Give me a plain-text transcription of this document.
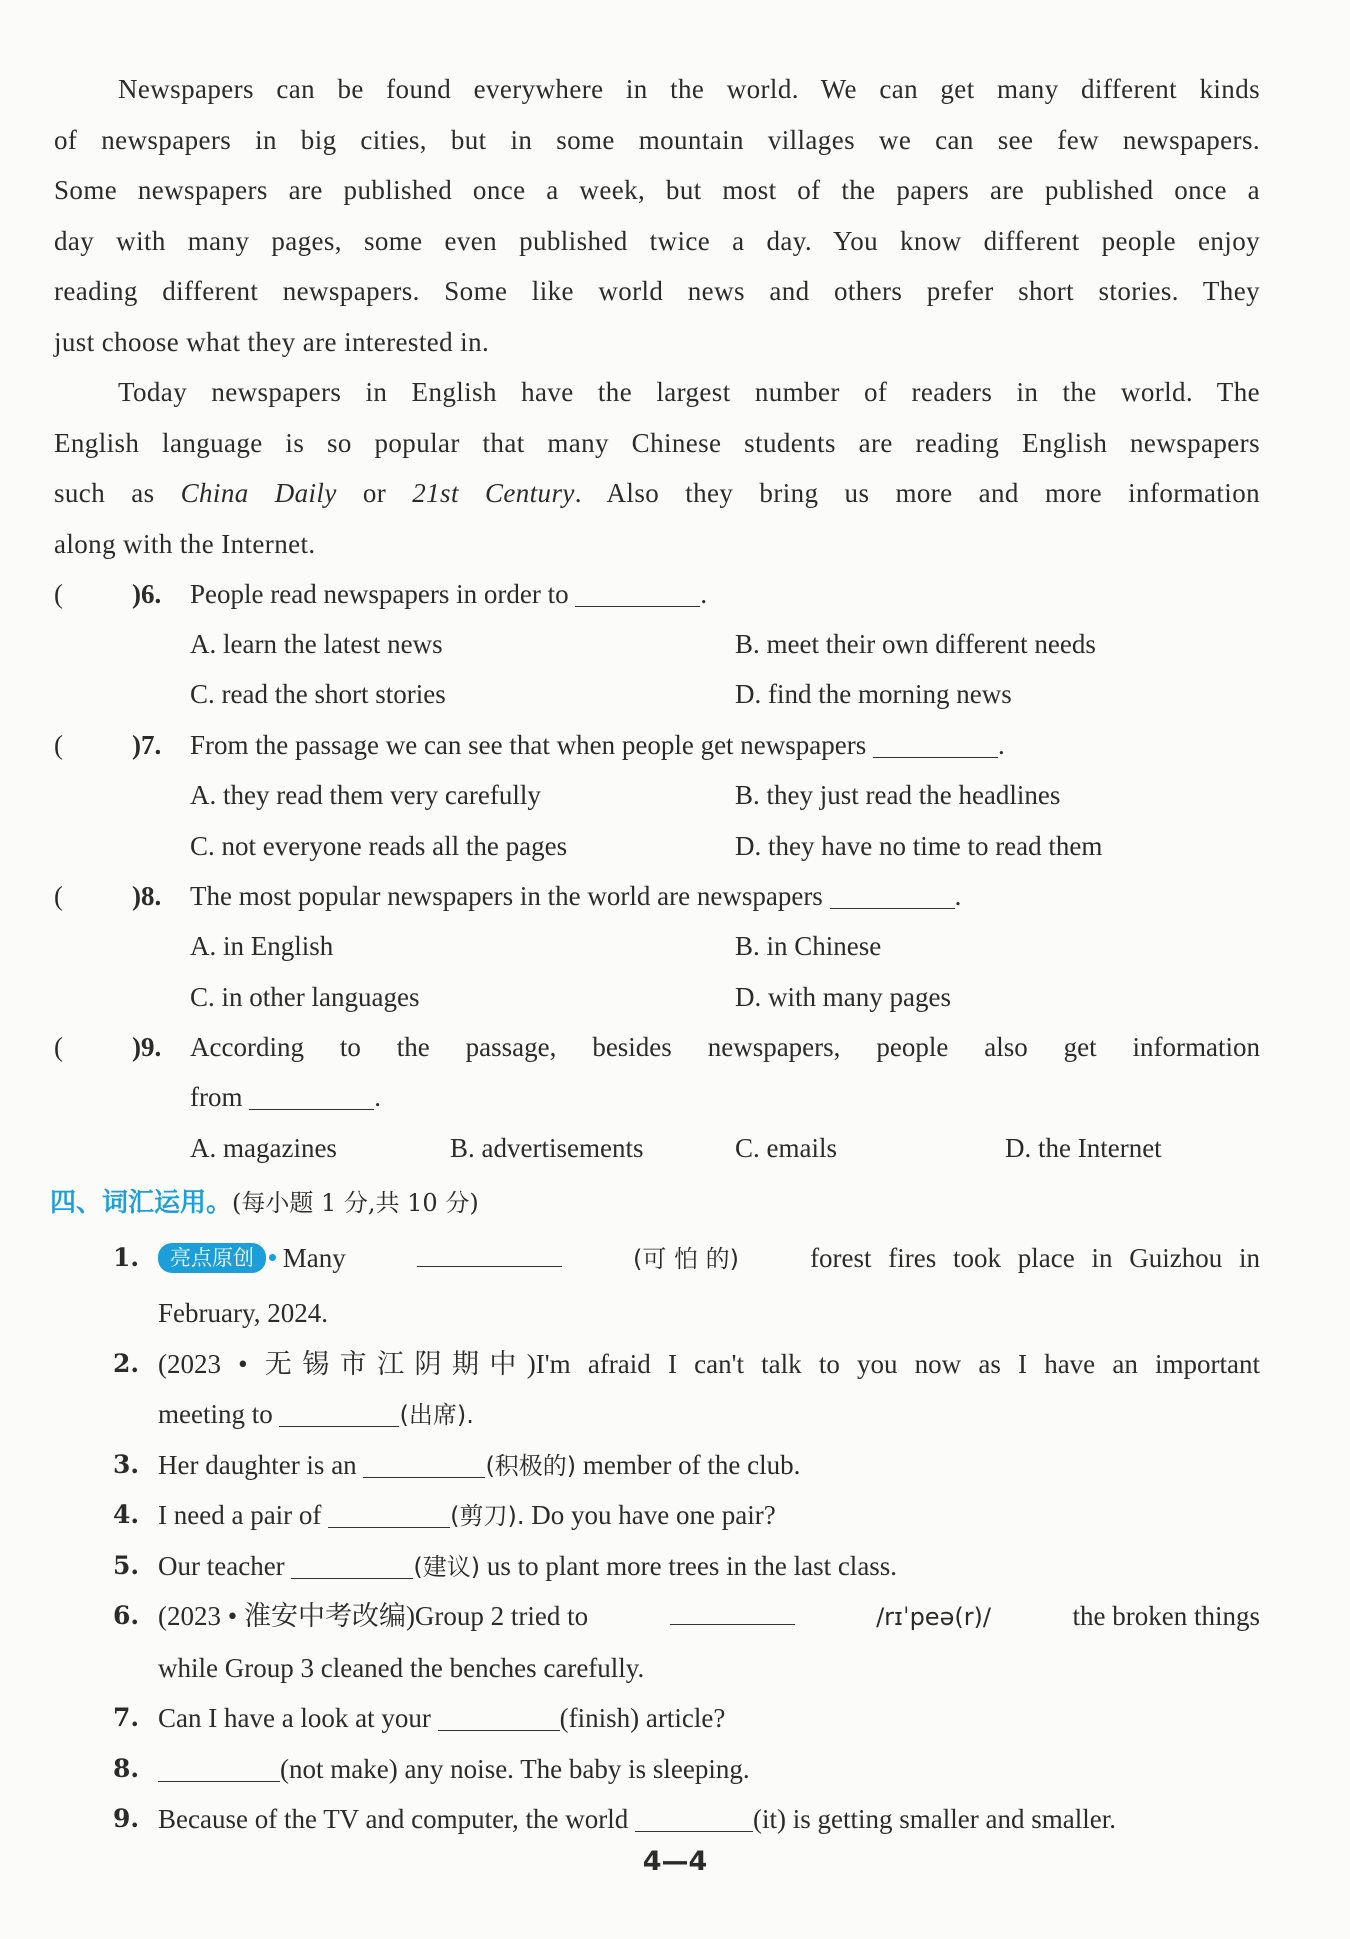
Newspapers can be found everywhere in the world. We can get many different kinds
of newspapers in big cities, but in some mountain villages we can see few newspapers.
Some newspapers are published once a week, but most of the papers are published once a
day with many pages, some even published twice a day. You know different people enjoy
reading different newspapers. Some like world news and others prefer short stories. They
just choose what they are interested in.
Today newspapers in English have the largest number of readers in the world. The
English language is so popular that many Chinese students are reading English newspapers
such as China Daily or 21st Century. Also they bring us more and more information
along with the Internet.
(	)6. People read newspapers in order to	.
A. learn the latest news	B. meet their own different needs
C. read the short stories	D. find the morning news
(	)7. From the passage we can see that when people get newspapers	.
A. they read them very carefully	B. they just read the headlines
C. not everyone reads all the pages	D. they have no time to read them
(	)8. The most popular newspapers in the world are newspapers	.
A. in English	B. in Chinese
C. in other languages	D. with many pages
(	)9. According to the passage, besides newspapers, people also get information
from	.
A. magazines	B. advertisements	C. emails	D. the Internet
四、词汇运用。(每小题 1 分,共 10 分)
1.	亮点原创 Many	(可 怕 的)	forest fires took place in Guizhou in
February, 2024.
2. (2023 • 无锡市江阴期中)I'm afraid I can't talk to you now as I have an important
meeting to	(出席).
3. Her daughter is an	(积极的) member of the club.
4. I need a pair of	(剪刀). Do you have one pair?
5. Our teacher	(建议) us to plant more trees in the last class.
6. (2023 • 淮安中考改编)Group 2 tried to	/rɪˈpeə(r)/	the broken things
while Group 3 cleaned the benches carefully.
7. Can I have a look at your	(finish) article?
8.	(not make) any noise. The baby is sleeping.
9. Because of the TV and computer, the world	(it) is getting smaller and smaller.
4—4
